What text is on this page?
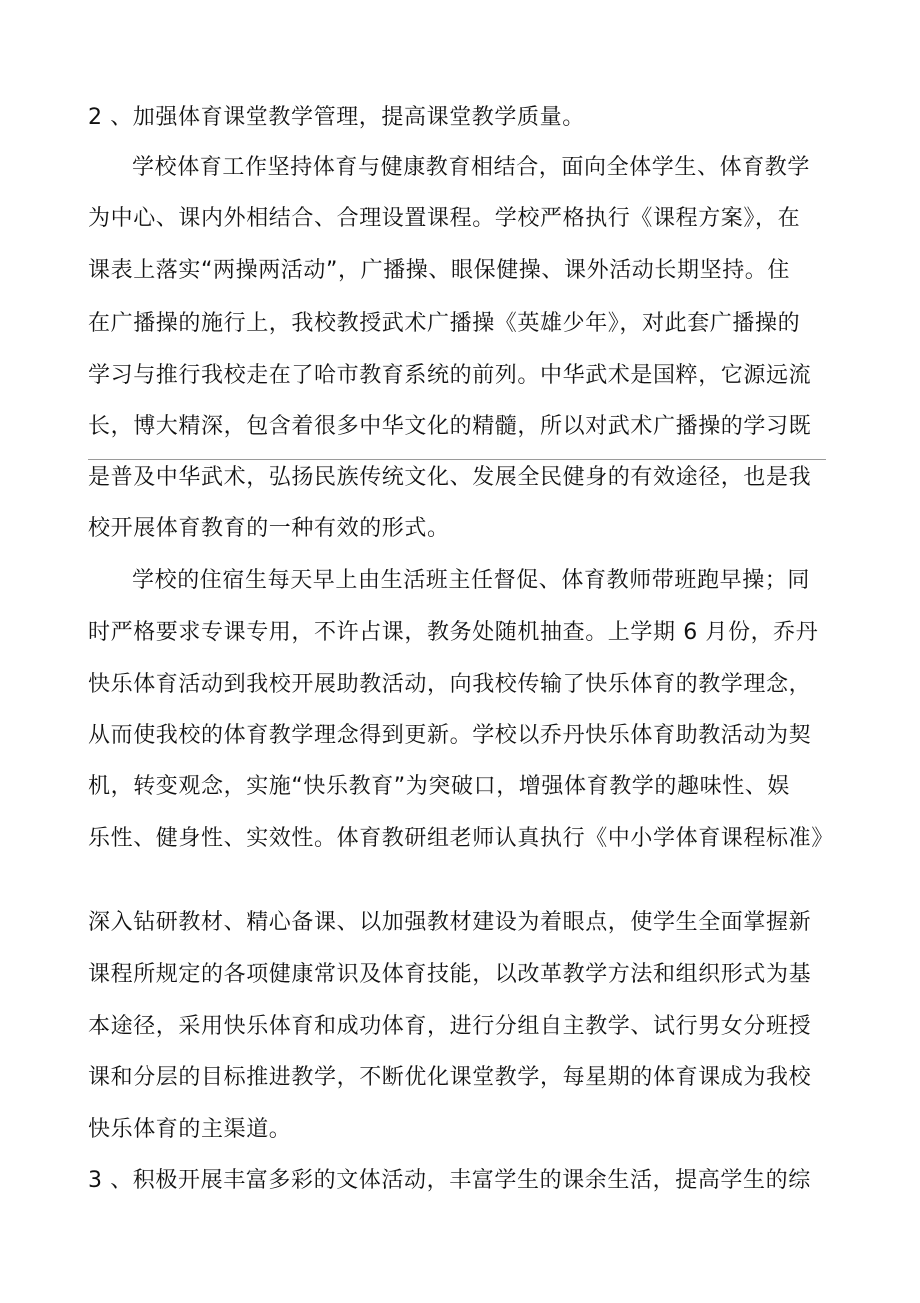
2 、加强体育课堂教学管理，提高课堂教学质量。
学校体育工作坚持体育与健康教育相结合，面向全体学生、体育教学
为中心、课内外相结合、合理设置课程。学校严格执行《课程方案》，在
课表上落实“两操两活动”，广播操、眼保健操、课外活动长期坚持。住
在广播操的施行上，我校教授武术广播操《英雄少年》，对此套广播操的
学习与推行我校走在了哈市教育系统的前列。中华武术是国粹，它源远流
长，博大精深，包含着很多中华文化的精髓，所以对武术广播操的学习既
是普及中华武术，弘扬民族传统文化、发展全民健身的有效途径，也是我
校开展体育教育的一种有效的形式。
学校的住宿生每天早上由生活班主任督促、体育教师带班跑早操；同
时严格要求专课专用，不许占课，教务处随机抽查。上学期 6 月份，乔丹
快乐体育活动到我校开展助教活动，向我校传输了快乐体育的教学理念，
从而使我校的体育教学理念得到更新。学校以乔丹快乐体育助教活动为契
机，转变观念，实施“快乐教育”为突破口，增强体育教学的趣味性、娱
乐性、健身性、实效性。体育教研组老师认真执行《中小学体育课程标准》
深入钻研教材、精心备课、以加强教材建设为着眼点，使学生全面掌握新
课程所规定的各项健康常识及体育技能，以改革教学方法和组织形式为基
本途径，采用快乐体育和成功体育，进行分组自主教学、试行男女分班授
课和分层的目标推进教学，不断优化课堂教学，每星期的体育课成为我校
快乐体育的主渠道。
3 、积极开展丰富多彩的文体活动，丰富学生的课余生活，提高学生的综
